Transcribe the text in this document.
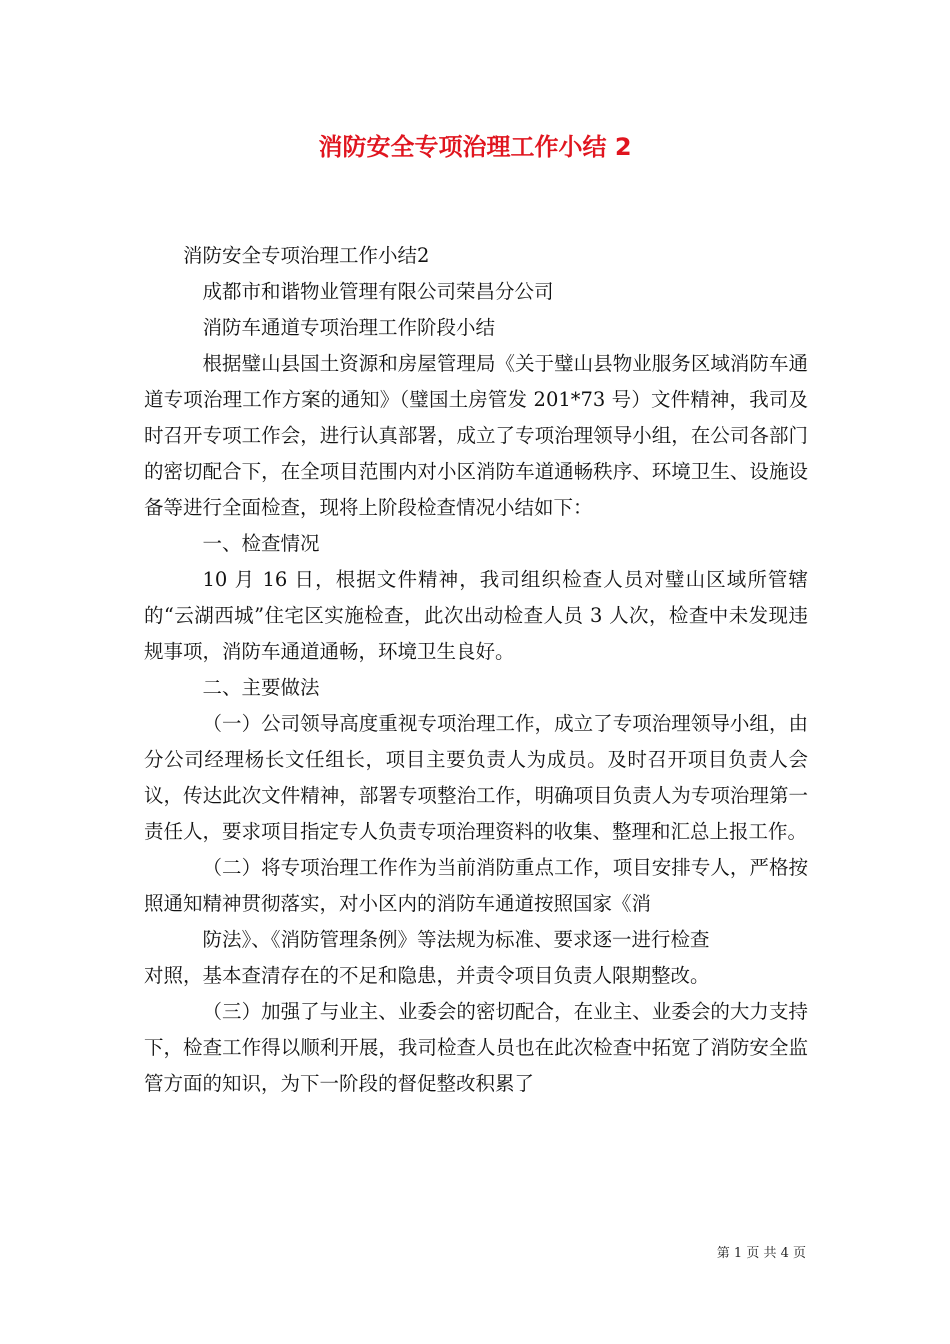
消防安全专项治理工作小结 2

消防安全专项治理工作小结2

成都市和谐物业管理有限公司荣昌分公司

消防车通道专项治理工作阶段小结

根据璧山县国土资源和房屋管理局《关于璧山县物业服务区域消防车通道专项治理工作方案的通知》（璧国土房管发 201*73 号）文件精神，我司及时召开专项工作会，进行认真部署，成立了专项治理领导小组，在公司各部门的密切配合下，在全项目范围内对小区消防车道通畅秩序、环境卫生、设施设备等进行全面检查，现将上阶段检查情况小结如下：

一、检查情况

10 月 16 日，根据文件精神，我司组织检查人员对璧山区域所管辖的“云湖西城”住宅区实施检查，此次出动检查人员 3 人次，检查中未发现违规事项，消防车通道通畅，环境卫生良好。

二、主要做法

（一）公司领导高度重视专项治理工作，成立了专项治理领导小组，由分公司经理杨长文任组长，项目主要负责人为成员。及时召开项目负责人会议，传达此次文件精神，部署专项整治工作，明确项目负责人为专项治理第一责任人，要求项目指定专人负责专项治理资料的收集、整理和汇总上报工作。

（二）将专项治理工作作为当前消防重点工作，项目安排专人，严格按照通知精神贯彻落实，对小区内的消防车通道按照国家《消

防法》、《消防管理条例》等法规为标准、要求逐一进行检查

对照，基本查清存在的不足和隐患，并责令项目负责人限期整改。

（三）加强了与业主、业委会的密切配合，在业主、业委会的大力支持下，检查工作得以顺利开展，我司检查人员也在此次检查中拓宽了消防安全监管方面的知识，为下一阶段的督促整改积累了

第 1 页 共 4 页
